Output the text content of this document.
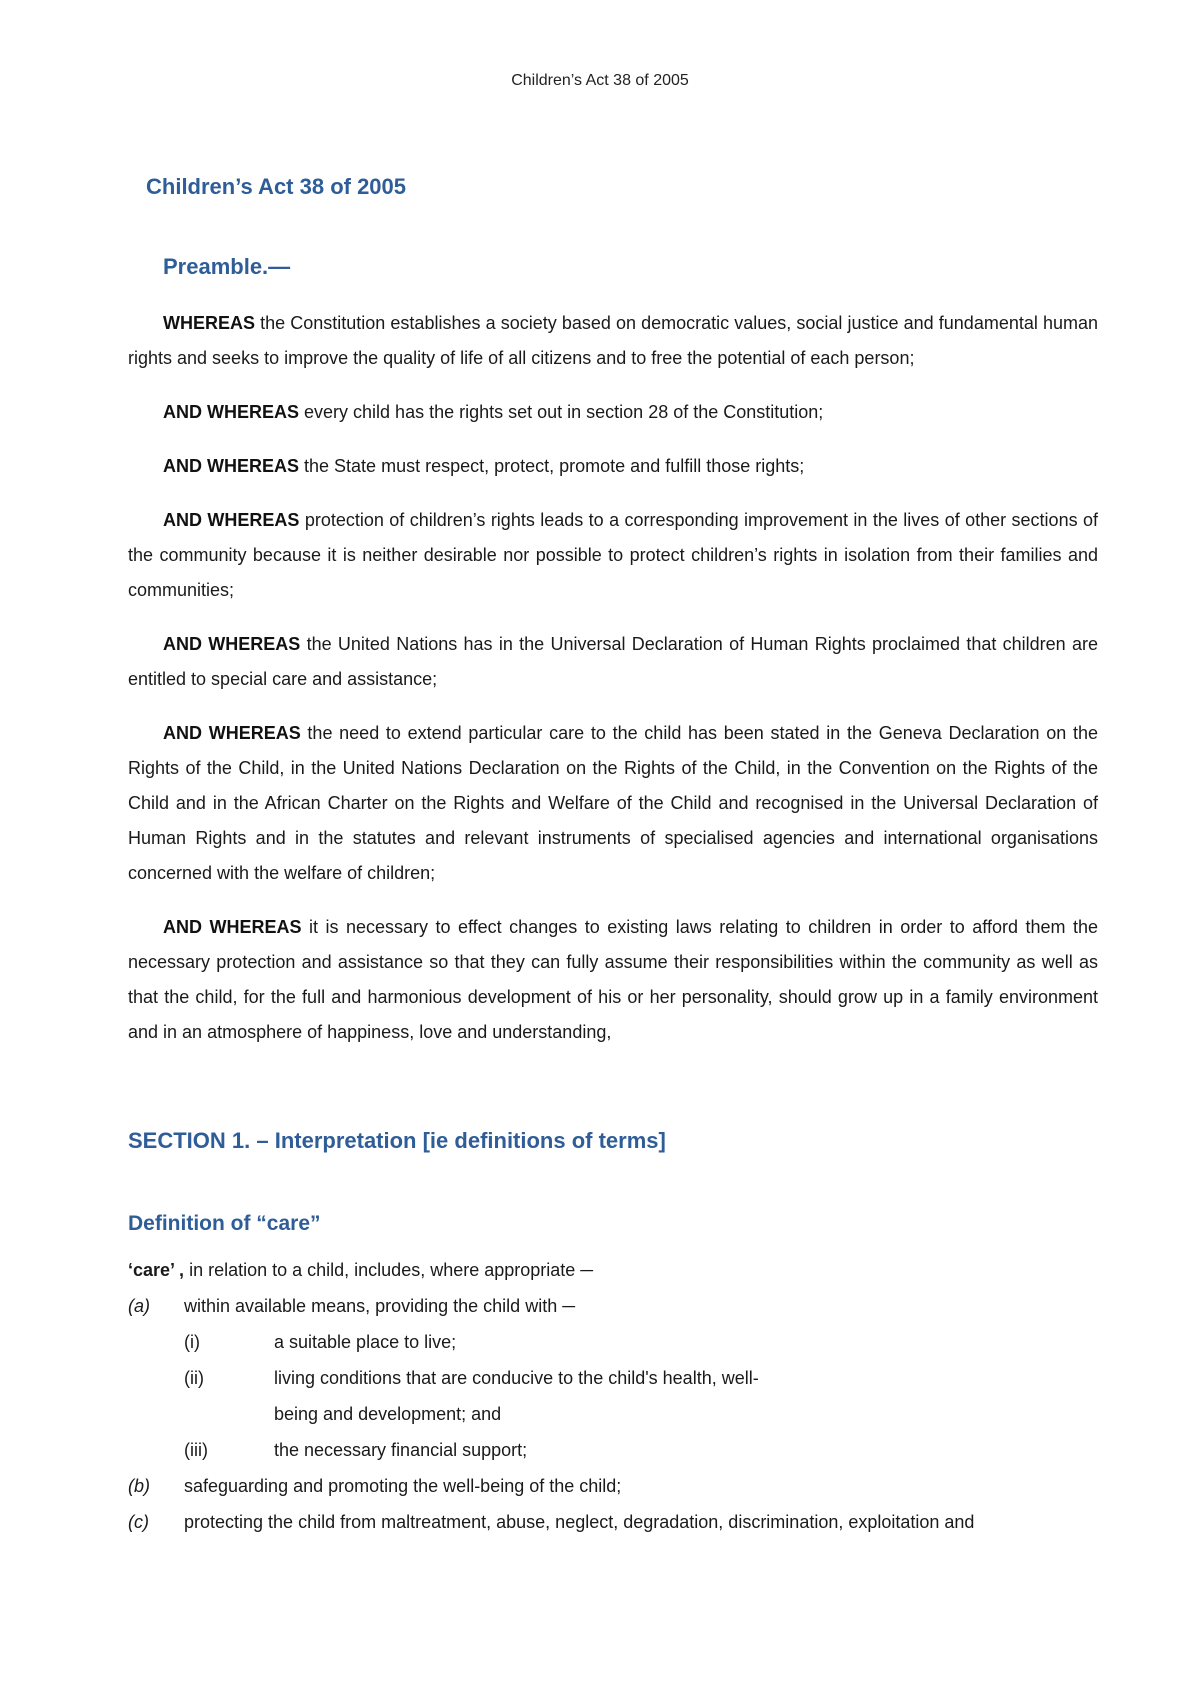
Children’s Act 38 of 2005
Children’s Act 38 of 2005
Preamble.—

WHEREAS the Constitution establishes a society based on democratic values, social justice and fundamental human rights and seeks to improve the quality of life of all citizens and to free the potential of each person;

AND WHEREAS every child has the rights set out in section 28 of the Constitution;

AND WHEREAS the State must respect, protect, promote and fulfill those rights;

AND WHEREAS protection of children’s rights leads to a corresponding improvement in the lives of other sections of the community because it is neither desirable nor possible to protect children’s rights in isolation from their families and communities;

AND WHEREAS the United Nations has in the Universal Declaration of Human Rights proclaimed that children are entitled to special care and assistance;

AND WHEREAS the need to extend particular care to the child has been stated in the Geneva Declaration on the Rights of the Child, in the United Nations Declaration on the Rights of the Child, in the Convention on the Rights of the Child and in the African Charter on the Rights and Welfare of the Child and recognised in the Universal Declaration of Human Rights and in the statutes and relevant instruments of specialised agencies and international organisations concerned with the welfare of children;

AND WHEREAS it is necessary to effect changes to existing laws relating to children in order to afford them the necessary protection and assistance so that they can fully assume their responsibilities within the community as well as that the child, for the full and harmonious development of his or her personality, should grow up in a family environment and in an atmosphere of happiness, love and understanding,

SECTION 1. – Interpretation [ie definitions of terms]
Definition of “care”
‘care’ , in relation to a child, includes, where appropriate ─
(a) within available means, providing the child with ─
(i)	a suitable place to live;
(ii)	living conditions that are conducive to the child's health, well-
being and development; and
(iii)	the necessary financial support;
(b) safeguarding and promoting the well-being of the child;
(c) protecting the child from maltreatment, abuse, neglect, degradation, discrimination, exploitation and
